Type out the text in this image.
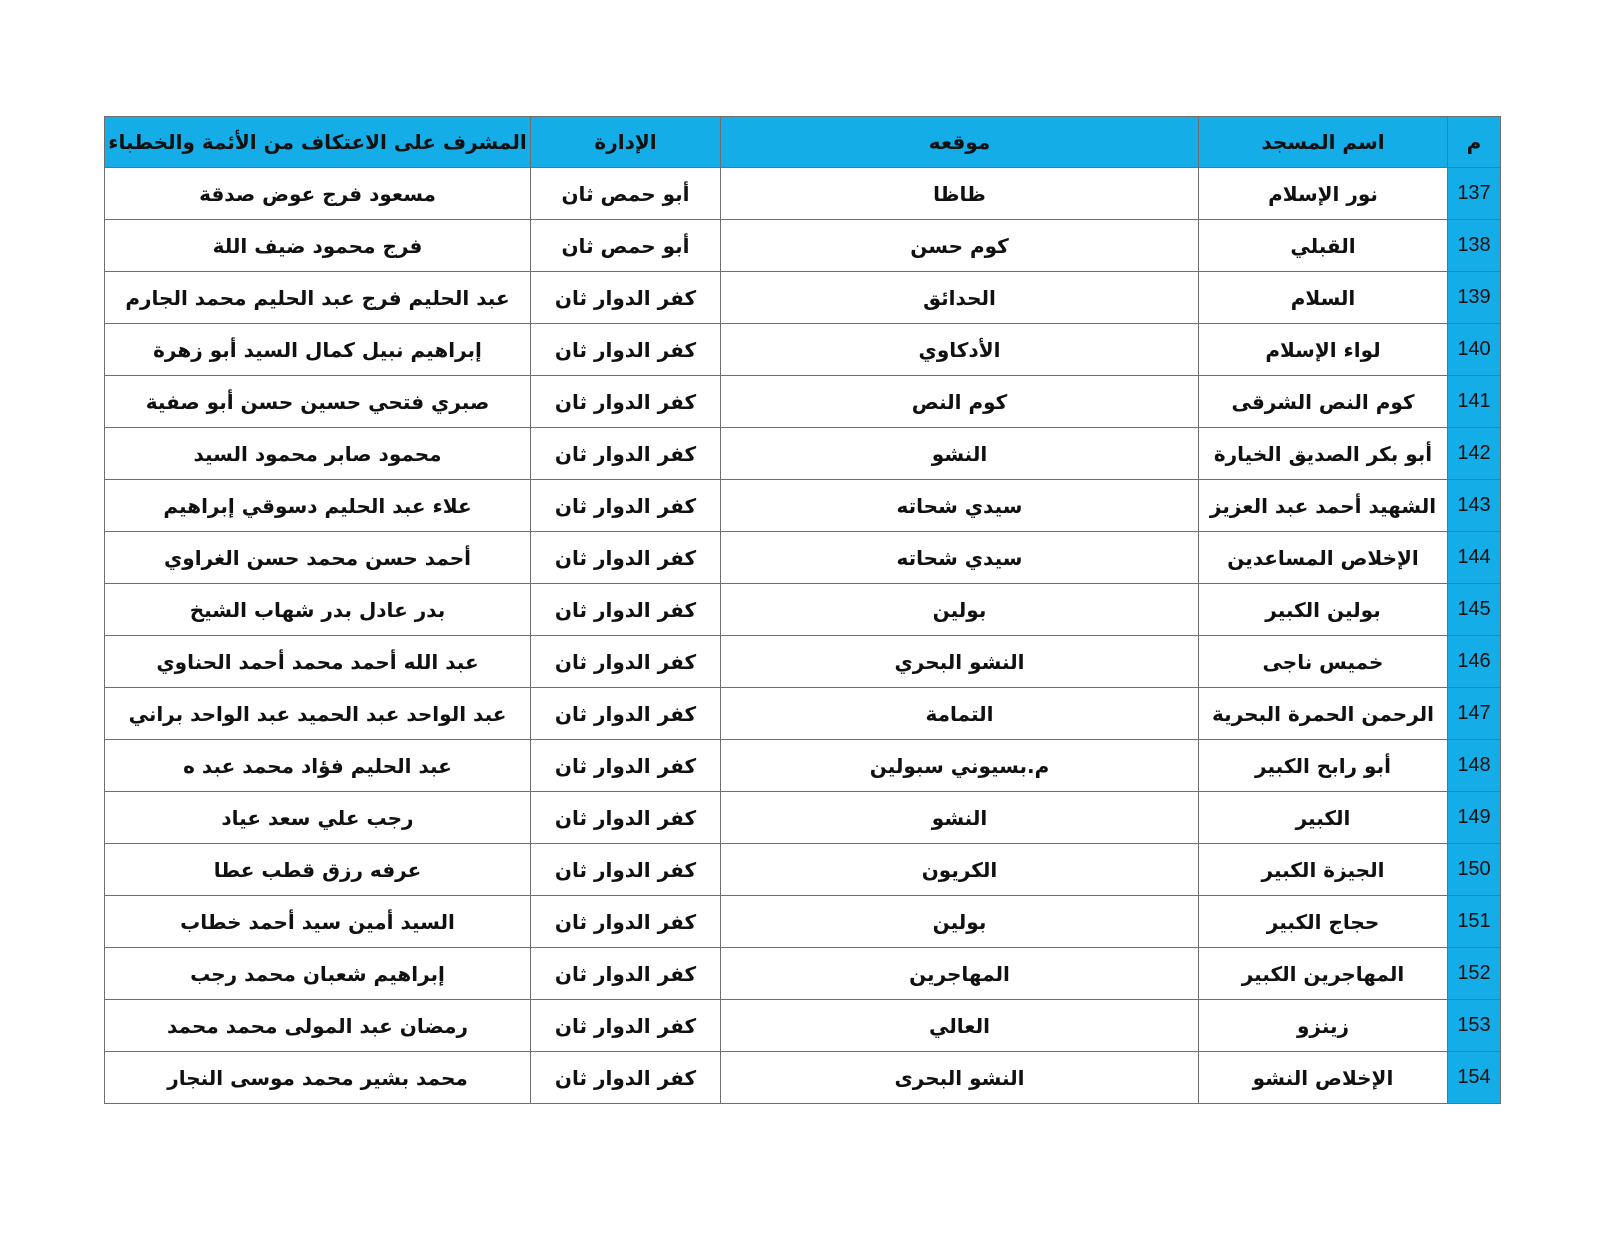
م	اسم المسجد	موقعه	الإدارة	المشرف على الاعتكاف من الأئمة والخطباء
137	نور الإسلام	ظاظا	أبو حمص ثان	مسعود فرج عوض صدقة
138	القبلي	كوم حسن	أبو حمص ثان	فرج محمود ضيف اللة
139	السلام	الحدائق	كفر الدوار ثان	عبد الحليم فرج عبد الحليم محمد الجارم
140	لواء الإسلام	الأدكاوي	كفر الدوار ثان	إبراهيم نبيل كمال السيد أبو زهرة
141	كوم النص الشرقى	كوم النص	كفر الدوار ثان	صبري فتحي حسين حسن أبو صفية
142	أبو بكر الصديق الخيارة	النشو	كفر الدوار ثان	محمود صابر محمود السيد
143	الشهيد أحمد عبد العزيز	سيدي شحاته	كفر الدوار ثان	علاء عبد الحليم دسوقي إبراهيم
144	الإخلاص المساعدين	سيدي شحاته	كفر الدوار ثان	أحمد حسن محمد حسن الغراوي
145	بولين الكبير	بولين	كفر الدوار ثان	بدر عادل بدر شهاب الشيخ
146	خميس ناجى	النشو البحري	كفر الدوار ثان	عبد الله أحمد محمد أحمد الحناوي
147	الرحمن الحمرة البحرية	التمامة	كفر الدوار ثان	عبد الواحد عبد الحميد عبد الواحد براني
148	أبو رابح الكبير	م.بسيوني سبولين	كفر الدوار ثان	عبد الحليم فؤاد محمد عبد ه
149	الكبير	النشو	كفر الدوار ثان	رجب علي سعد عياد
150	الجيزة الكبير	الكريون	كفر الدوار ثان	عرفه رزق قطب عطا
151	حجاج الكبير	بولين	كفر الدوار ثان	السيد أمين سيد أحمد خطاب
152	المهاجرين الكبير	المهاجرين	كفر الدوار ثان	إبراهيم شعبان محمد رجب
153	زينزو	العالي	كفر الدوار ثان	رمضان عبد المولى محمد محمد
154	الإخلاص النشو	النشو البحرى	كفر الدوار ثان	محمد بشير محمد موسى النجار
